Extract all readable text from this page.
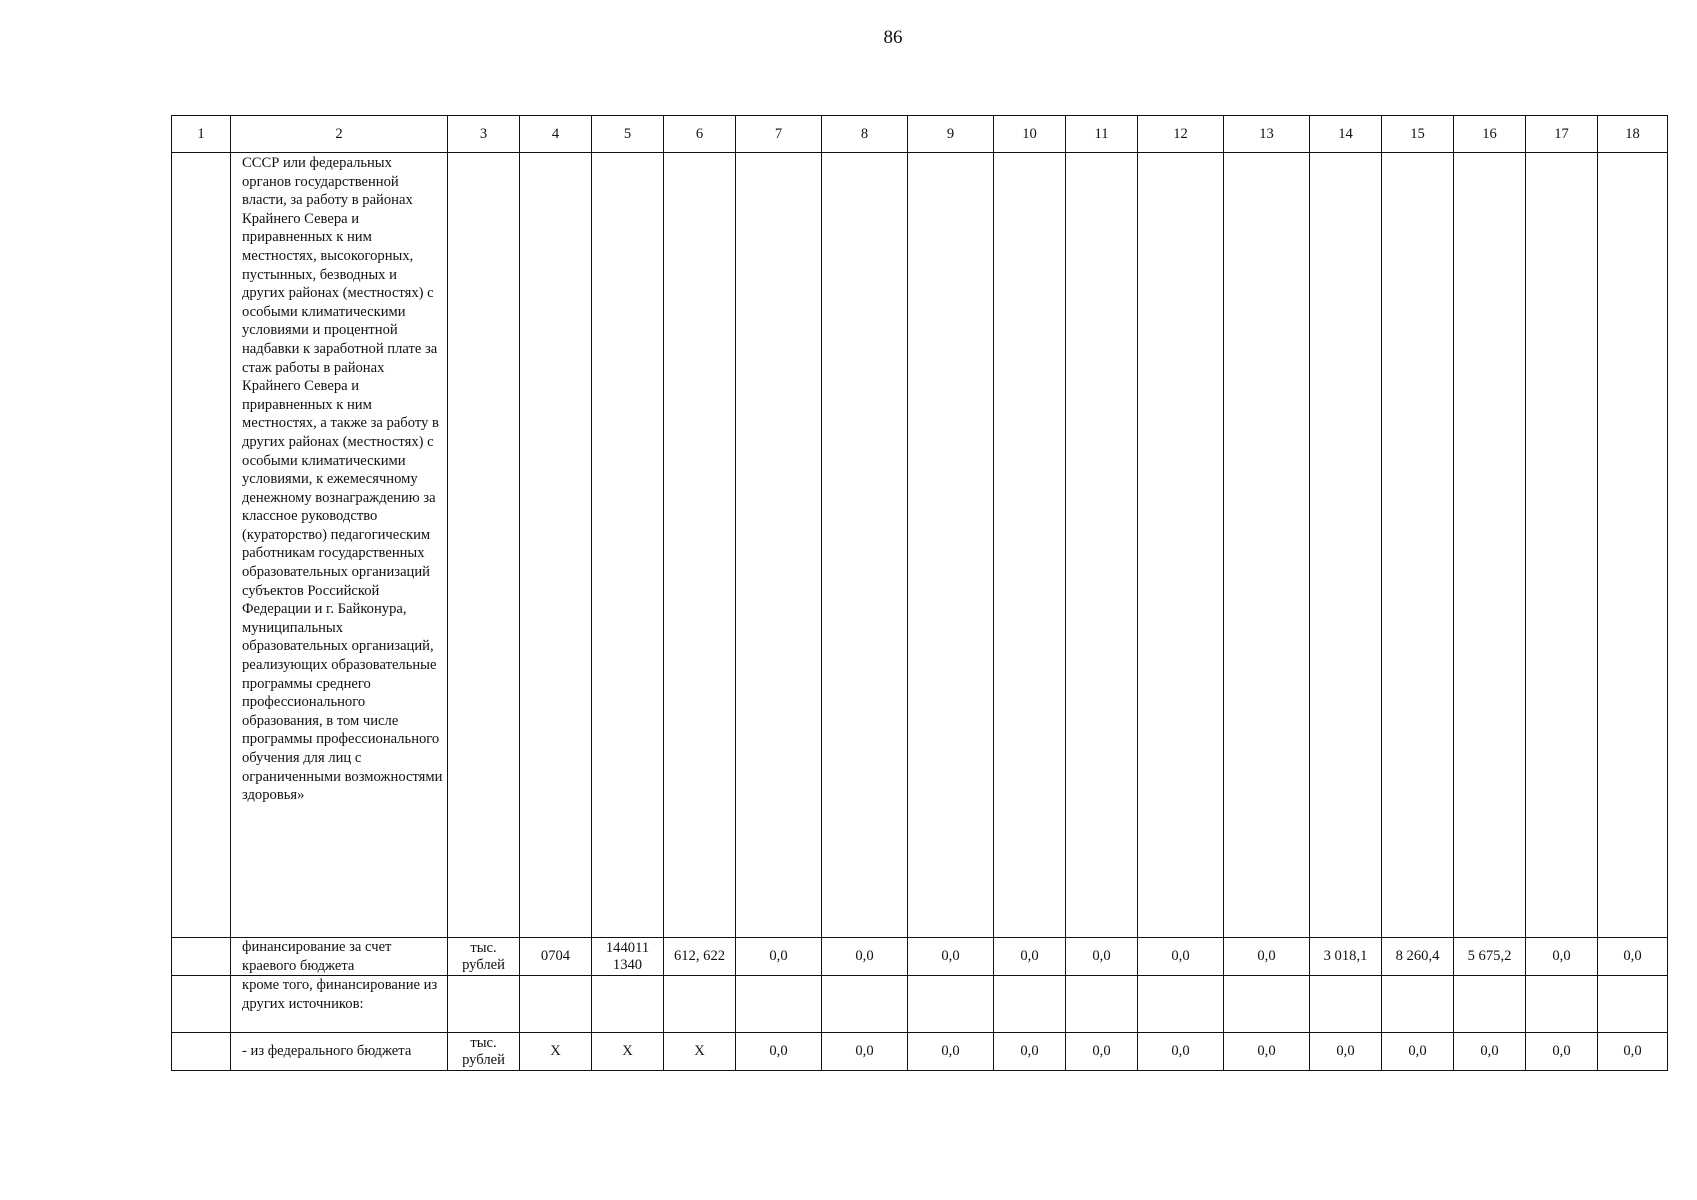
86
1	2	3	4	5	6	7	8	9	10	11	12	13	14	15	16	17	18
	СССР или федеральных органов государственной власти, за работу в районах Крайнего Севера и приравненных к ним местностях, высокогорных, пустынных, безводных и других районах (местностях) с особыми климатическими условиями и процентной надбавки к заработной плате за стаж работы в районах Крайнего Севера и приравненных к ним местностях, а также за работу в других районах (местностях) с особыми климатическими условиями, к ежемесячному денежному вознаграждению за классное руководство (кураторство) педагогическим работникам государственных образовательных организаций субъектов Российской Федерации и г. Байконура, муниципальных образовательных организаций, реализующих образовательные программы среднего профессионального образования, в том числе программы профессионального обучения для лиц с ограниченными возможностями здоровья»																
	финансирование за счет краевого бюджета	тыс. рублей	0704	144011 1340	612, 622	0,0	0,0	0,0	0,0	0,0	0,0	0,0	3 018,1	8 260,4	5 675,2	0,0	0,0
	кроме того, финансирование из других источников:																
	- из федерального бюджета	тыс. рублей	Х	Х	Х	0,0	0,0	0,0	0,0	0,0	0,0	0,0	0,0	0,0	0,0	0,0	0,0
